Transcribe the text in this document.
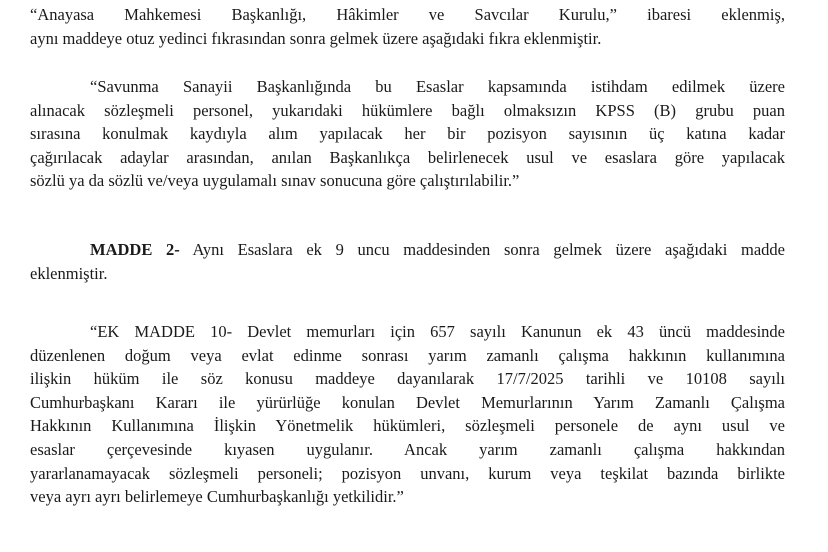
“Anayasa Mahkemesi Başkanlığı, Hâkimler ve Savcılar Kurulu,” ibaresi eklenmiş,
aynı maddeye otuz yedinci fıkrasından sonra gelmek üzere aşağıdaki fıkra eklenmiştir.

“Savunma Sanayii Başkanlığında bu Esaslar kapsamında istihdam edilmek üzere
alınacak sözleşmeli personel, yukarıdaki hükümlere bağlı olmaksızın KPSS (B) grubu puan
sırasına konulmak kaydıyla alım yapılacak her bir pozisyon sayısının üç katına kadar
çağırılacak adaylar arasından, anılan Başkanlıkça belirlenecek usul ve esaslara göre yapılacak
sözlü ya da sözlü ve/veya uygulamalı sınav sonucuna göre çalıştırılabilir.”
MADDE 2- Aynı Esaslara ek 9 uncu maddesinden sonra gelmek üzere aşağıdaki madde
eklenmiştir.
“EK MADDE 10- Devlet memurları için 657 sayılı Kanunun ek 43 üncü maddesinde
düzenlenen doğum veya evlat edinme sonrası yarım zamanlı çalışma hakkının kullanımına
ilişkin hüküm ile söz konusu maddeye dayanılarak 17/7/2025 tarihli ve 10108 sayılı
Cumhurbaşkanı Kararı ile yürürlüğe konulan Devlet Memurlarının Yarım Zamanlı Çalışma
Hakkının Kullanımına İlişkin Yönetmelik hükümleri, sözleşmeli personele de aynı usul ve
esaslar çerçevesinde kıyasen uygulanır. Ancak yarım zamanlı çalışma hakkından
yararlanamayacak sözleşmeli personeli; pozisyon unvanı, kurum veya teşkilat bazında birlikte
veya ayrı ayrı belirlemeye Cumhurbaşkanlığı yetkilidir.”
